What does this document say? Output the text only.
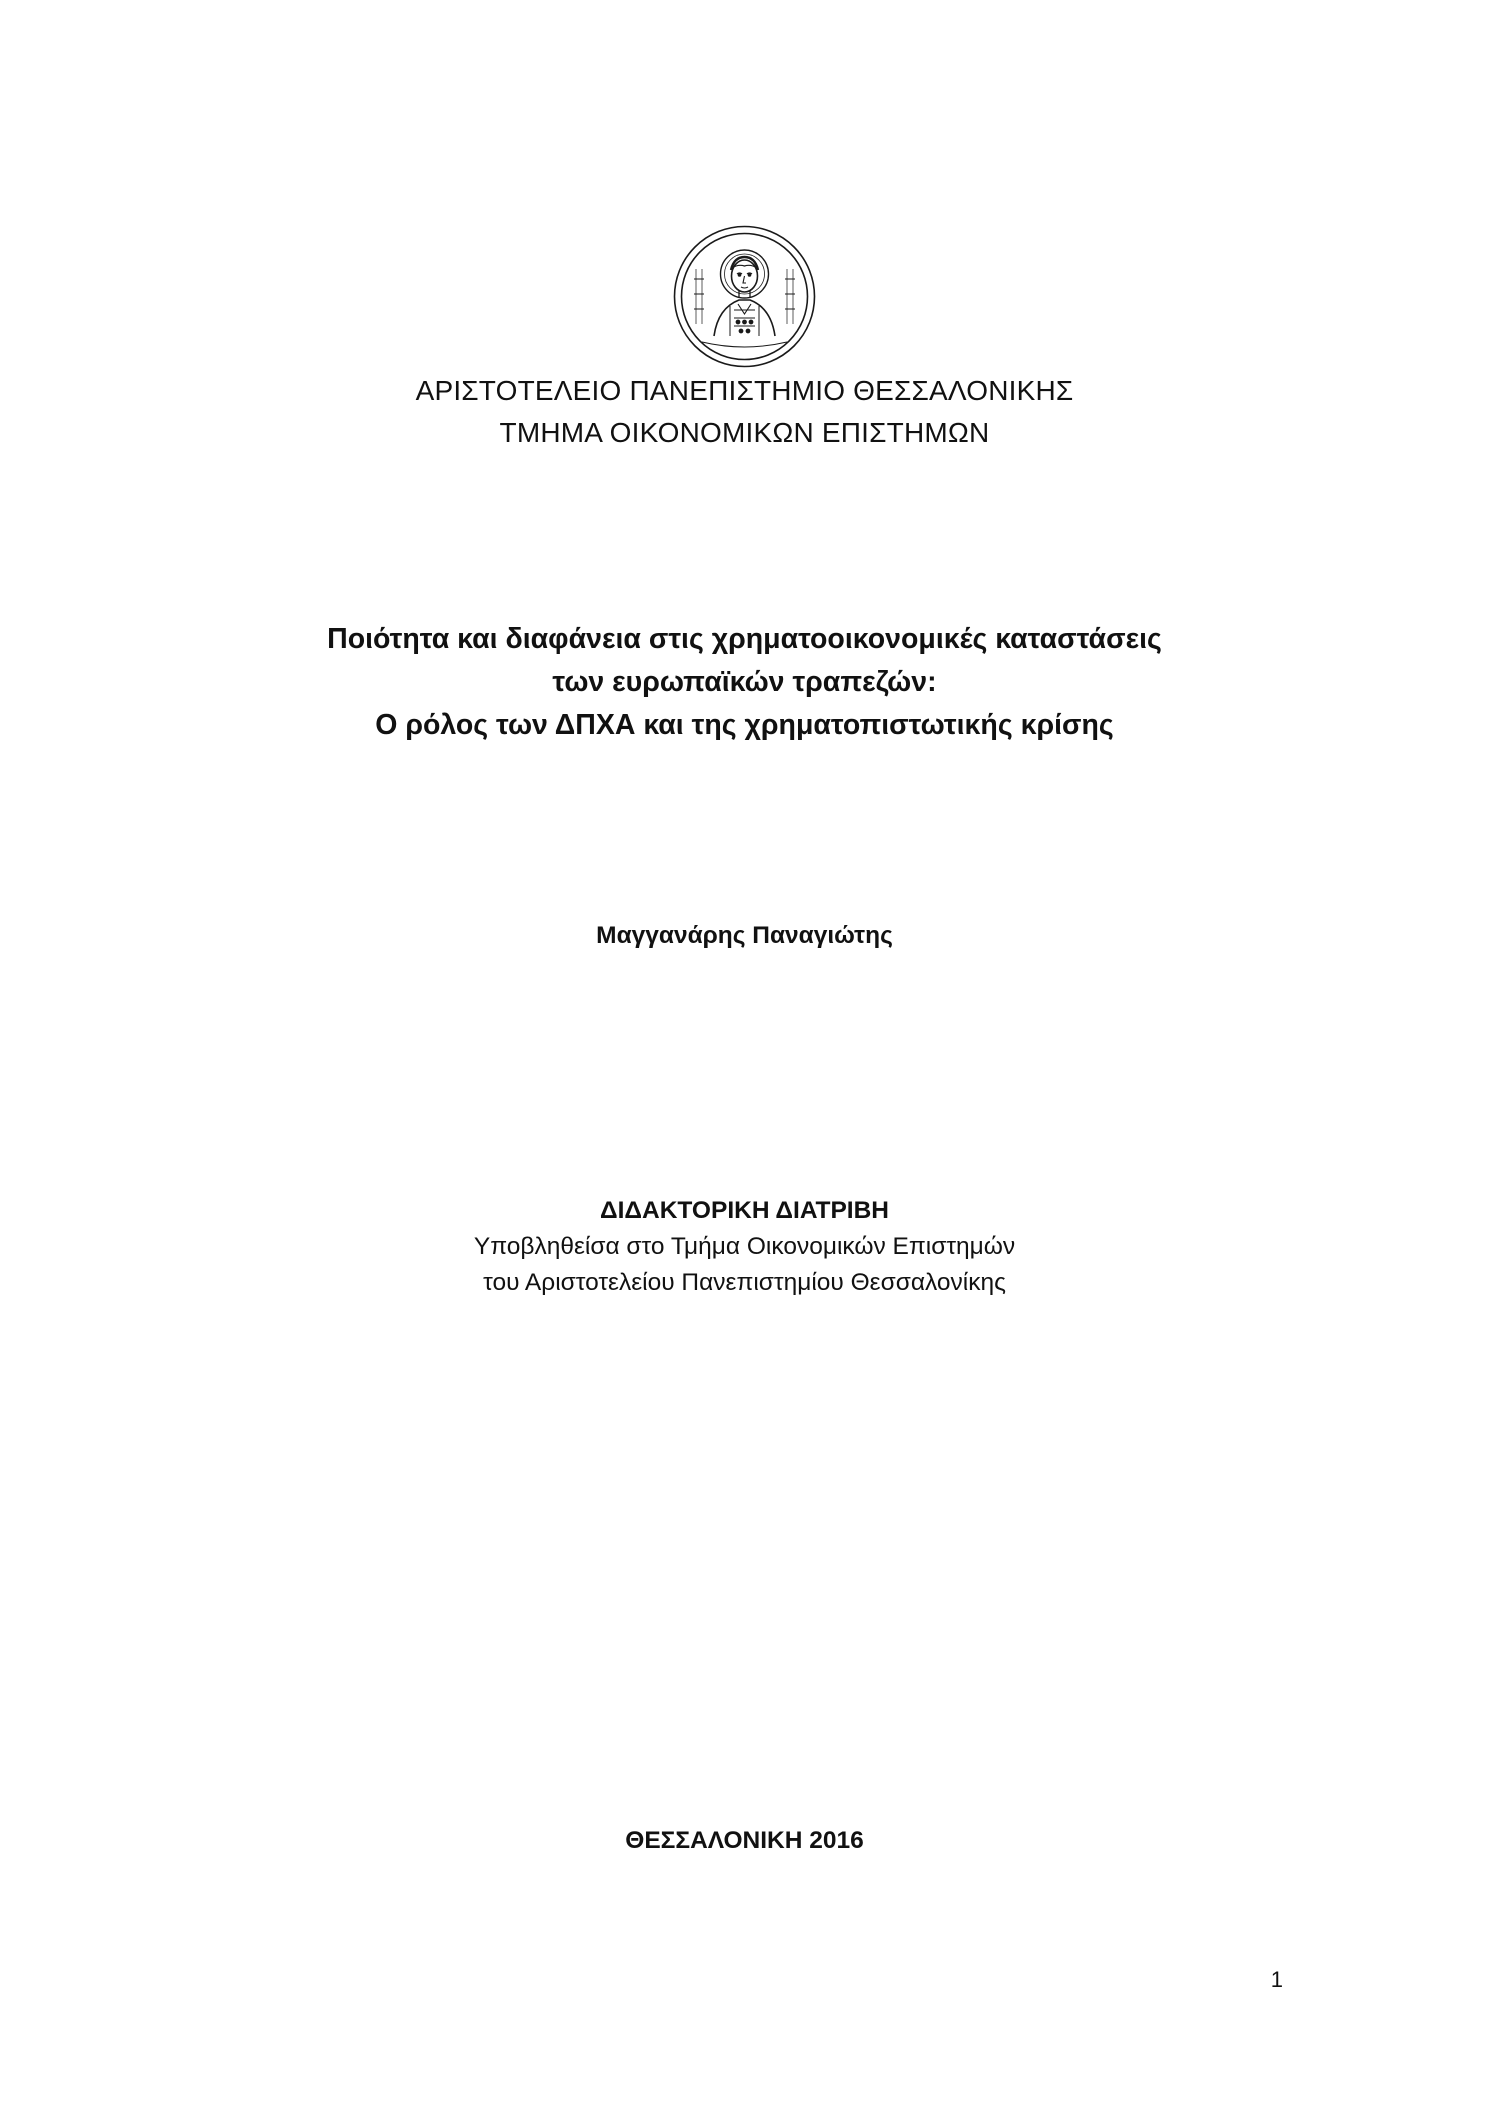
ΑΡΙΣΤΟΤΕΛΕΙΟ ΠΑΝΕΠΙΣΤΗΜΙΟ ΘΕΣΣΑΛΟΝΙΚΗΣ
ΤΜΗΜΑ ΟΙΚΟΝΟΜΙΚΩΝ ΕΠΙΣΤΗΜΩΝ
Ποιότητα και διαφάνεια στις χρηματοοικονομικές καταστάσεις
των ευρωπαϊκών τραπεζών:
Ο ρόλος των ΔΠΧΑ και της χρηματοπιστωτικής κρίσης
Μαγγανάρης Παναγιώτης
ΔΙΔΑΚΤΟΡΙΚΗ ΔΙΑΤΡΙΒΗ
Υποβληθείσα στο Τμήμα Οικονομικών Επιστημών
του Αριστοτελείου Πανεπιστημίου Θεσσαλονίκης
ΘΕΣΣΑΛΟΝΙΚΗ 2016
1
